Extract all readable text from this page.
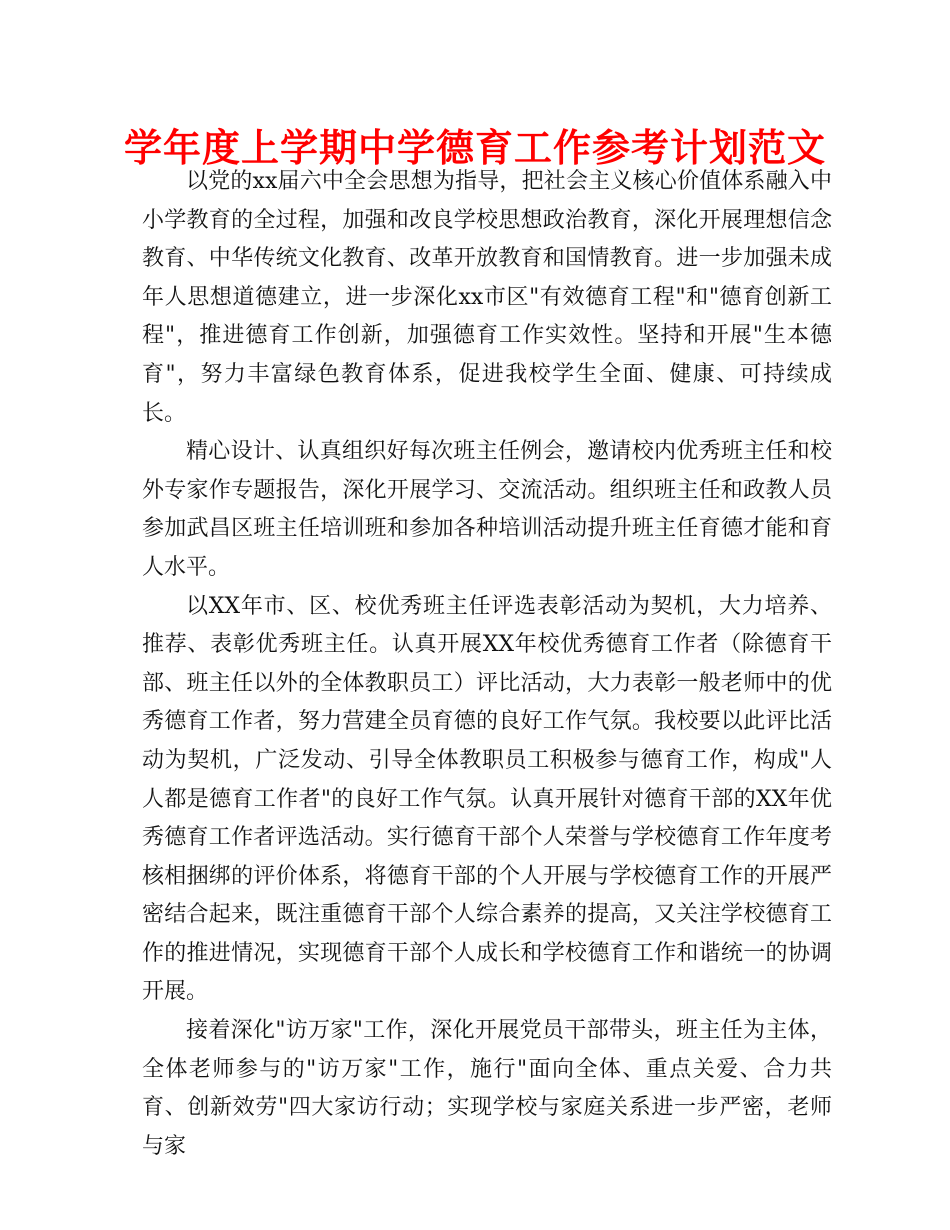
学年度上学期中学德育工作参考计划范文

以党的xx届六中全会思想为指导，把社会主义核心价值体系融入中小学教育的全过程，加强和改良学校思想政治教育，深化开展理想信念教育、中华传统文化教育、改革开放教育和国情教育。进一步加强未成年人思想道德建立，进一步深化xx市区"有效德育工程"和"德育创新工程"，推进德育工作创新，加强德育工作实效性。坚持和开展"生本德育"，努力丰富绿色教育体系，促进我校学生全面、健康、可持续成长。

精心设计、认真组织好每次班主任例会，邀请校内优秀班主任和校外专家作专题报告，深化开展学习、交流活动。组织班主任和政教人员参加武昌区班主任培训班和参加各种培训活动提升班主任育德才能和育人水平。

以XX年市、区、校优秀班主任评选表彰活动为契机，大力培养、推荐、表彰优秀班主任。认真开展XX年校优秀德育工作者（除德育干部、班主任以外的全体教职员工）评比活动，大力表彰一般老师中的优秀德育工作者，努力营建全员育德的良好工作气氛。我校要以此评比活动为契机，广泛发动、引导全体教职员工积极参与德育工作，构成"人人都是德育工作者"的良好工作气氛。认真开展针对德育干部的XX年优秀德育工作者评选活动。实行德育干部个人荣誉与学校德育工作年度考核相捆绑的评价体系，将德育干部的个人开展与学校德育工作的开展严密结合起来，既注重德育干部个人综合素养的提高，又关注学校德育工作的推进情况，实现德育干部个人成长和学校德育工作和谐统一的协调开展。

接着深化"访万家"工作，深化开展党员干部带头，班主任为主体，全体老师参与的"访万家"工作，施行"面向全体、重点关爱、合力共育、创新效劳"四大家访行动；实现学校与家庭关系进一步严密，老师与家
